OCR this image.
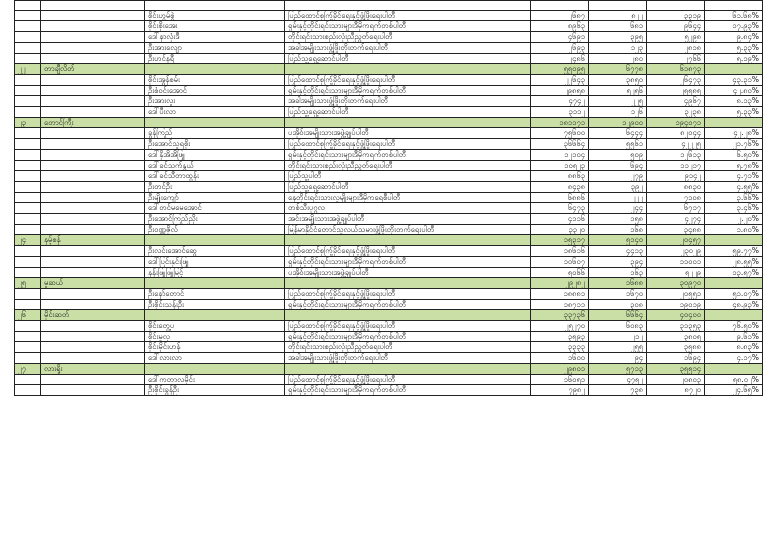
		စိုင်းဟွမ်စွဲ	ပြည်ထောင်စုကြံ့ခိုင်ရေးနှင့်ဖွံ့ဖြိုးရေးပါတီ	၂၆၈၇	၈၂၂	၃၃၁၉	၆၁.၆၈%
		စိုင်းစိုးအေး	ရှမ်းနှင့်တိုင်းရင်းသားများဒီမိုကရက်တစ်ပါတီ	၈၉၆၃	၆၈၁	၉၆၄၄	၁၇.၉၃%
		ဒေါ်နာလုံးဒီ	တိုင်းရင်းသားစည်းလုံးညီညွတ်ရေးပါတီ	၄၆၉၁	၃၉၅	၅၂၉၈	၉.၈၄%
		ဦးအားလျော	အခါအမျိုးသားဖွံ့ဖြိုးတိုးတက်ရေးပါတီ	၂၆၉၃	၁၂၃	၂၈၁၈	၅.၃၃%
		ဦးဟင်နရီ	ပြည်သူ့ရှေ့ဆောင်ပါတီ	၂၄၈၆	၂၈၀	၂၇၆၆	၅.၁၉%
၂၂	တာချီလိတ်			၅၅၀၉၅	၆၇၇၈	၆၁၈၇၃	
		စိုင်းအွန်စမ်း	ပြည်ထောင်စုကြံ့ခိုင်ရေးနှင့်ဖွံ့ဖြိုးရေးပါတီ	၂၂၆၄၃	၃၈၅၀	၂၆၄၇၃	၄၃.၃၁%
		ဦးစံဝင်းအောင်	ရှမ်းနှင့်တိုင်းရင်းသားများဒီမိုကရက်တစ်ပါတီ	၂၉၈၅၈	၅၂၅၆	၂၅၅၈၅	၄၂.၈၀%
		ဦးအားလူး	အခါအမျိုးသားဖွံ့ဖြိုးတိုးတက်ရေးပါတီ	၄၇၄၂	၂၂၅	၄၉၆၇	၈.၁၃%
		ဒေါ်ပီးလာ	ပြည်သူ့ရှေ့ဆောင်ပါတီ	၃၁၁၂	၁၂၆	၃၂၃၈	၅.၃၃%
၂၃	တောင်ကြီး			၁၈၁၁၇၁	၁၂၉၀၀	၁၉၄၀၇၁	
		ခွန်ကြည်	ပအိုဝ်းအမျိုးသားအဖွဲ့ချုပ်ပါတီ	၇၅၆၀၀	၆၄၄၄	၈၂၀၄၄	၄၂.၂၈%
		ဦးအောင်သူရစိုး	ပြည်ထောင်စုကြံ့ခိုင်ရေးနှင့်ဖွံ့ဖြိုးရေးပါတီ	၃၆၆၆၄	၅၅၆၁	၄၂၂၂၅	၂၁.၇၆%
		ဒေါ်နိုအိအိဖြူ	ရှမ်းနှင့်တိုင်းရင်းသားများဒီမိုကရက်တစ်ပါတီ	၁၂၁၀၄	၅၀၉	၁၂၆၁၃	၆.၅၀%
		ဒေါ်ခင်သက်နွယ်	တိုင်းရင်းသားစည်းလုံးညီညွတ်ရေးပါတီ	၁၀၅၂၃	၆၉၄	၁၁၂၁၇	၅.၇၈%
		ဒေါ်ခင်သီတာထွန်း	ပြည်သူ့ပါတီ	၈၈၆၃	၂၇၉	၉၁၄၂	၄.၇၁%
		ဦးတင်ဦး	ပြည်သူ့ရှေ့ဆောင်ပါတီ	၈၄၃၈	၃၉၂	၈၈၃၀	၄.၅၅%
		ဦးမျိုးကျော်	နေတိုင်းရင်းသားလူမျိုးများဒီမိုကရေစီပါတီ	၆၈၈၆	၂၂၂	၇၁၀၈	၃.၆၆%
		ဒေါ်တင်မမေအောင်	တစ်သီးပုဂ္ဂလ	၆၄၇၃	၂၄၄	၆၇၁၇	၃.၄၆%
		ဦးအောင်ကြည်ညိုး	အင်းအမျိုးသားအဖွဲ့ချုပ်ပါတီ	၄၁၁၆	၁၅၈	၄၂၇၄	၂.၂၀%
		ဦးဝဏ္ဏဇိုလ်	မြန်မာနိုင်ငံတောင်သူလယ်သမားဖွံ့ဖြိုးတိုးတက်ရေးပါတီ	၃၃၂၀	၁၆၈	၃၄၈၈	၁.၈၀%
၂၄	နမ့်စန်			၁၅၃၁၇	၅၁၄၀	၂၀၄၅၇	
		ဦးလင်းအောင်ဆွေ	ပြည်ထောင်စုကြံ့ခိုင်ရေးနှင့်ဖွံ့ဖြိုးရေးပါတီ	၁၈၆၁၆	၄၄၁၃	၂၃၀၂၉	၅၉.၇၇%
		ဒေါ်ပြင်းနှင်းဖြူ	ရှမ်းနှင့်တိုင်းရင်းသားများဒီမိုကရက်တစ်ပါတီ	၁၀၆၀၇	၃၉၄	၁၁၀၀၁	၂၈.၅၅%
		နန်းဖြူဖြူမြင့်	ပအိုဝ်းအမျိုးသားအဖွဲ့ချုပ်ပါတီ	၅၀၆၆	၁၆၃	၅၂၂၉	၁၃.၅၇%
၂၅	မူဆယ်			၂၉၂၈၂	၁၆၈၈	၃၀၉၇၀	
		ဦးနော်တောင်	ပြည်ထောင်စုကြံ့ခိုင်ရေးနှင့်ဖွံ့ဖြိုးရေးပါတီ	၁၈၈၈၁	၁၆၇၀	၂၀၅၅၁	၅၁.၀၇%
		ဦးစိုင်းသန်းဦး	ရှမ်းနှင့်တိုင်းရင်းသားများဒီမိုကရက်တစ်ပါတီ	၁၈၇၁၁	၃၀၈	၁၉၀၁၉	၄၈.၉၃%
၂၆	မိုင်းဆတ်			၃၃၇၃၆	၆၆၆၄	၄၀၄၀၀	
		စိုင်းတွေ့ပ	ပြည်ထောင်စုကြံ့ခိုင်ရေးနှင့်ဖွံ့ဖြိုးရေးပါတီ	၂၅၂၇၀	၆၀၈၃	၃၁၃၅၃	၇၆.၅၀%
		စိုင်းမူလု	ရှမ်းနှင့်တိုင်းရင်းသားများဒီမိုကရက်တစ်ပါတီ	၃၅၉၃	၂၁၂	၃၈၀၅	၉.၆၁%
		စိုင်းမိုင်းဟန်	တိုင်းရင်းသားစည်းလုံးညီညွတ်ရေးပါတီ	၃၃၃၃	၂၅၅	၃၅၈၈	၈.၈၃%
		ဒေါ်လားလာ	အခါအမျိုးသားဖွံ့ဖြိုးတိုးတက်ရေးပါတီ	၁၆၀၀	၉၄	၁၆၉၄	၄.၁၇%
၂၇	လားရှိုး			၂၉၈၀၁	၅၇၁၃	၃၅၅၁၄	
		ဒေါ်ကတာလမိုင်း	ပြည်ထောင်စုကြံ့ခိုင်ရေးနှင့်ဖွံ့ဖြိုးရေးပါတီ	၁၆၀၅၁	၄၇၅၂	၂၀၈၀၃	၅၈.၀၂%
		ဦးစိုင်းခွန်ဦး	ရှမ်းနှင့်တိုင်းရင်းသားများဒီမိုကရက်တစ်ပါတီ	၇၉၈၂	၇၃၈	၈၇၂၀	၂၄.၆၅%
